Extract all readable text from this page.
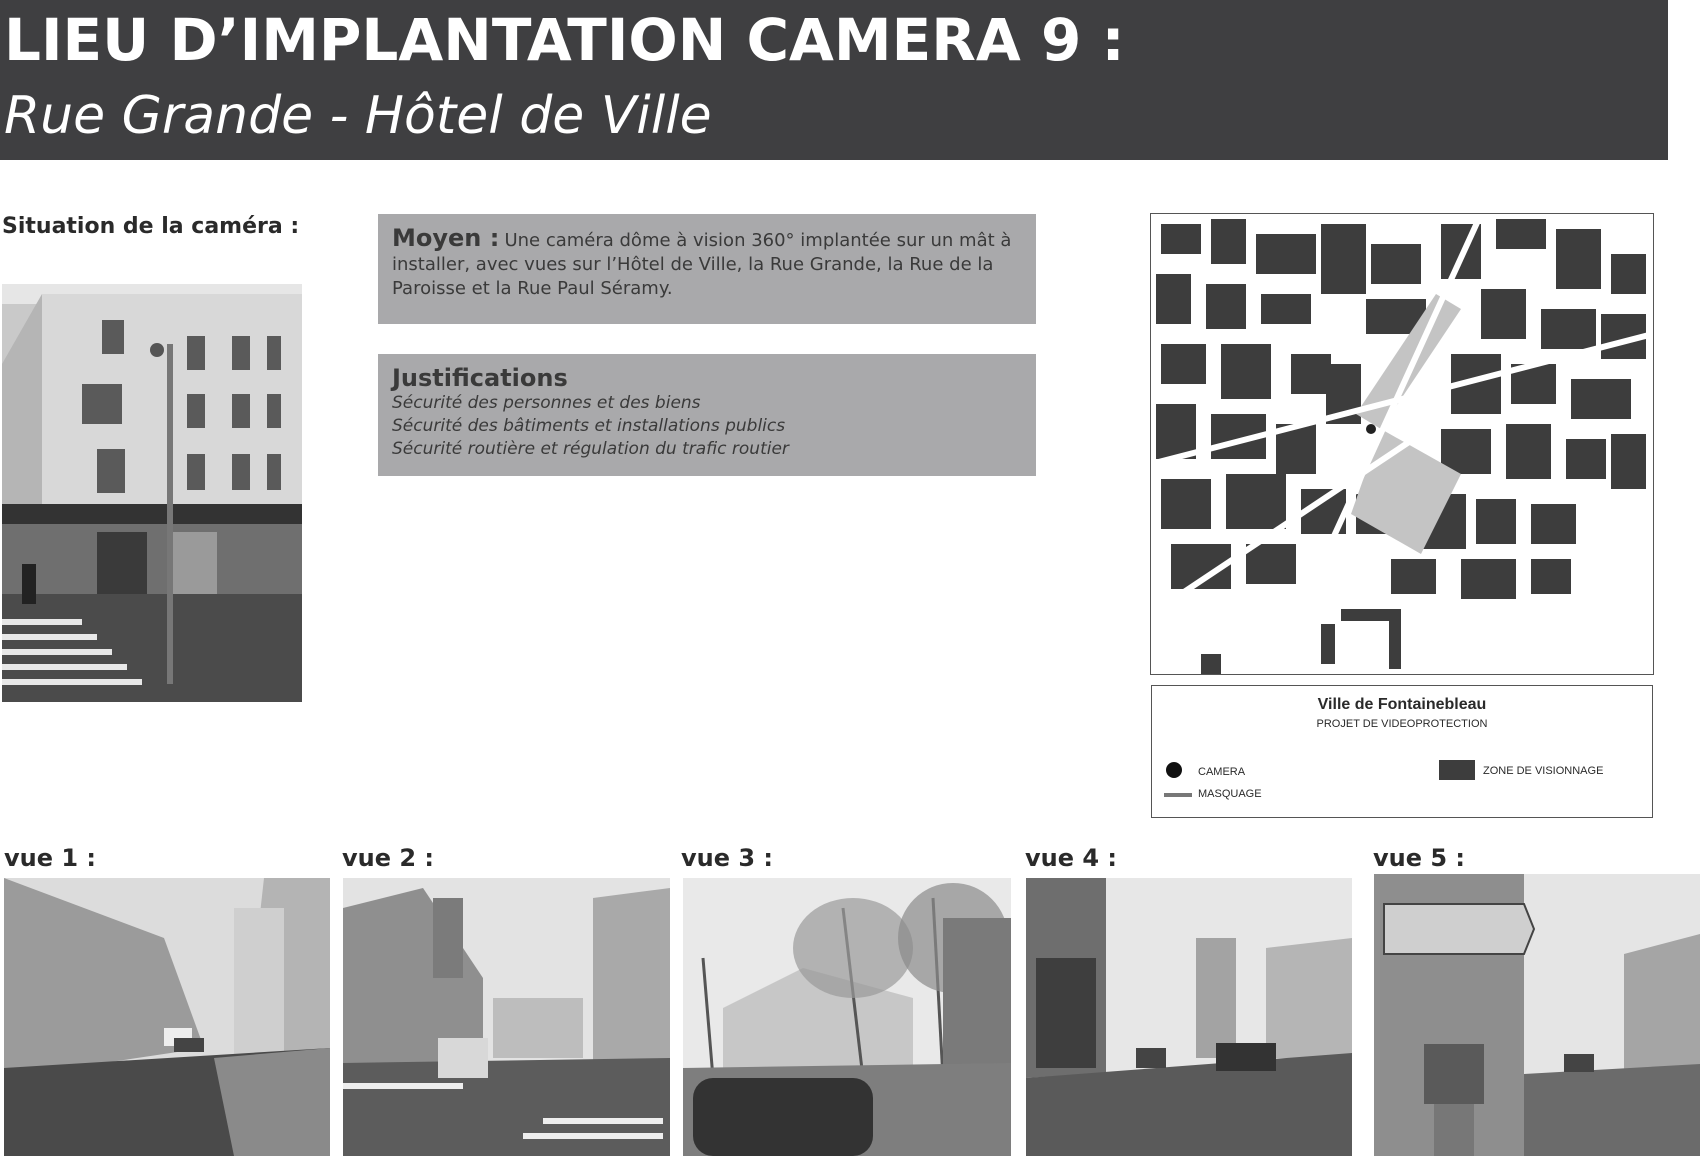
LIEU D’IMPLANTATION CAMERA 9 :
Rue Grande - Hôtel de Ville
Situation de la caméra :	Moyen : Une caméra dôme à vision 360° implantée sur un mât à installer, avec vues sur l’Hôtel de Ville, la Rue Grande, la Rue de la Paroisse et la Rue Paul Séramy.
Justifications
Sécurité des personnes et des biens
Sécurité des bâtiments et installations publics
Sécurité routière et régulation du trafic routier
Ville de Fontainebleau
PROJET DE VIDEOPROTECTION
CAMERA
MASQUAGE
ZONE DE VISIONNAGE
vue 1 :	vue 2 :	vue 3 :	vue 4 :	vue 5 :
